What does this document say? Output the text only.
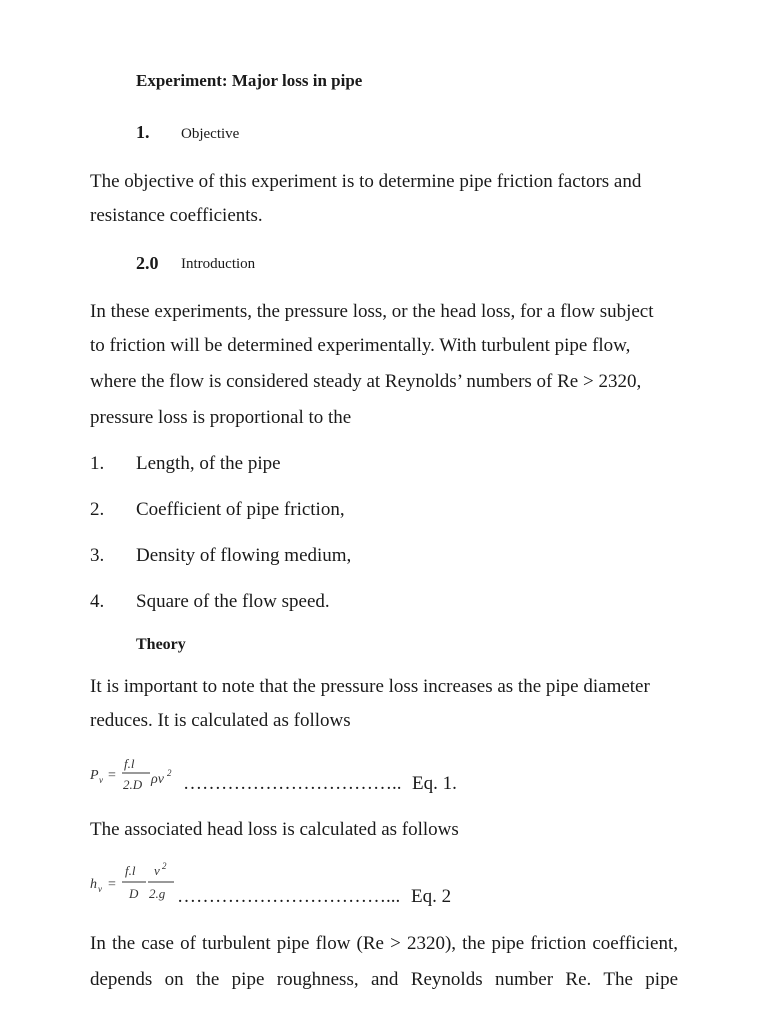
Experiment: Major loss in pipe
1. Objective
The objective of this experiment is to determine pipe friction factors and
resistance coefficients.
2.0 Introduction
In these experiments, the pressure loss, or the head loss, for a flow subject
to friction will be determined experimentally. With turbulent pipe flow,
where the flow is considered steady at Reynolds’ numbers of Re > 2320,
pressure loss is proportional to the
1. Length, of the pipe
2. Coefficient of pipe friction,
3. Density of flowing medium,
4. Square of the flow speed.
Theory
It is important to note that the pressure loss increases as the pipe diameter
reduces. It is calculated as follows
P v =
f.l
2.D ρv 2 …………………………….. Eq. 1.
The associated head loss is calculated as follows
h v =
f.l
D
v 2
2.g ……………………………... Eq. 2
In the case of turbulent pipe flow (Re > 2320), the pipe friction coefficient,
depends on the pipe roughness, and Reynolds number Re. The pipe
